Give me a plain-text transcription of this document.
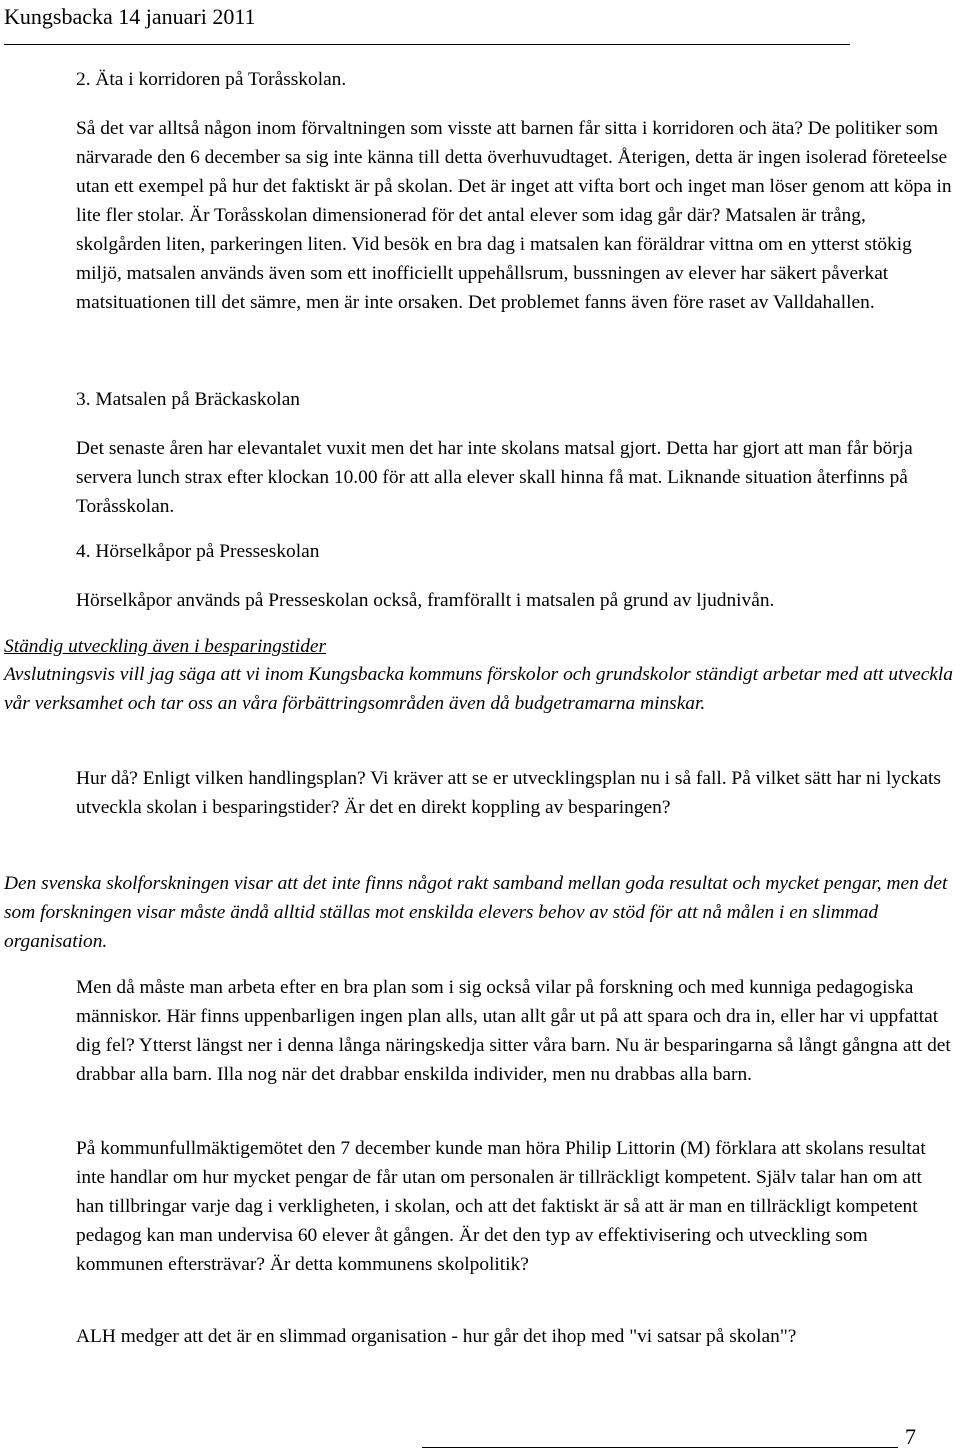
Kungsbacka 14 januari 2011

2. Äta i korridoren på Toråsskolan.

Så det var alltså någon inom förvaltningen som visste att barnen får sitta i korridoren och äta? De politiker som närvarade den 6 december sa sig inte känna till detta överhuvudtaget. Återigen, detta är ingen isolerad företeelse utan ett exempel på hur det faktiskt är på skolan. Det är inget att vifta bort och inget man löser genom att köpa in lite fler stolar. Är Toråsskolan dimensionerad för det antal elever som idag går där? Matsalen är trång, skolgården liten, parkeringen liten. Vid besök en bra dag i matsalen kan föräldrar vittna om en ytterst stökig miljö, matsalen används även som ett inofficiellt uppehållsrum, bussningen av elever har säkert påverkat matsituationen till det sämre, men är inte orsaken. Det problemet fanns även före raset av Valldahallen.

3. Matsalen på Bräckaskolan

Det senaste åren har elevantalet vuxit men det har inte skolans matsal gjort. Detta har gjort att man får börja servera lunch strax efter klockan 10.00 för att alla elever skall hinna få mat. Liknande situation återfinns på Toråsskolan.

4. Hörselkåpor på Presseskolan

Hörselkåpor används på Presseskolan också, framförallt i matsalen på grund av ljudnivån.

Ständig utveckling även i besparingstider

Avslutningsvis vill jag säga att vi inom Kungsbacka kommuns förskolor och grundskolor ständigt arbetar med att utveckla vår verksamhet och tar oss an våra förbättringsområden även då budgetramarna minskar.

Hur då? Enligt vilken handlingsplan? Vi kräver att se er utvecklingsplan nu i så fall. På vilket sätt har ni lyckats utveckla skolan i besparingstider? Är det en direkt koppling av besparingen?

Den svenska skolforskningen visar att det inte finns något rakt samband mellan goda resultat och mycket pengar, men det som forskningen visar måste ändå alltid ställas mot enskilda elevers behov av stöd för att nå målen i en slimmad organisation.

Men då måste man arbeta efter en bra plan som i sig också vilar på forskning och med kunniga pedagogiska människor. Här finns uppenbarligen ingen plan alls, utan allt går ut på att spara och dra in, eller har vi uppfattat dig fel? Ytterst längst ner i denna långa näringskedja sitter våra barn. Nu är besparingarna så långt gångna att det drabbar alla barn. Illa nog när det drabbar enskilda individer, men nu drabbas alla barn.

På kommunfullmäktigemötet den 7 december kunde man höra Philip Littorin (M) förklara att skolans resultat inte handlar om hur mycket pengar de får utan om personalen är tillräckligt kompetent. Själv talar han om att han tillbringar varje dag i verkligheten, i skolan, och att det faktiskt är så att är man en tillräckligt kompetent pedagog kan man undervisa 60 elever åt gången. Är det den typ av effektivisering och utveckling som kommunen eftersträvar? Är detta kommunens skolpolitik?

ALH medger att det är en slimmad organisation - hur går det ihop med "vi satsar på skolan"?

7
